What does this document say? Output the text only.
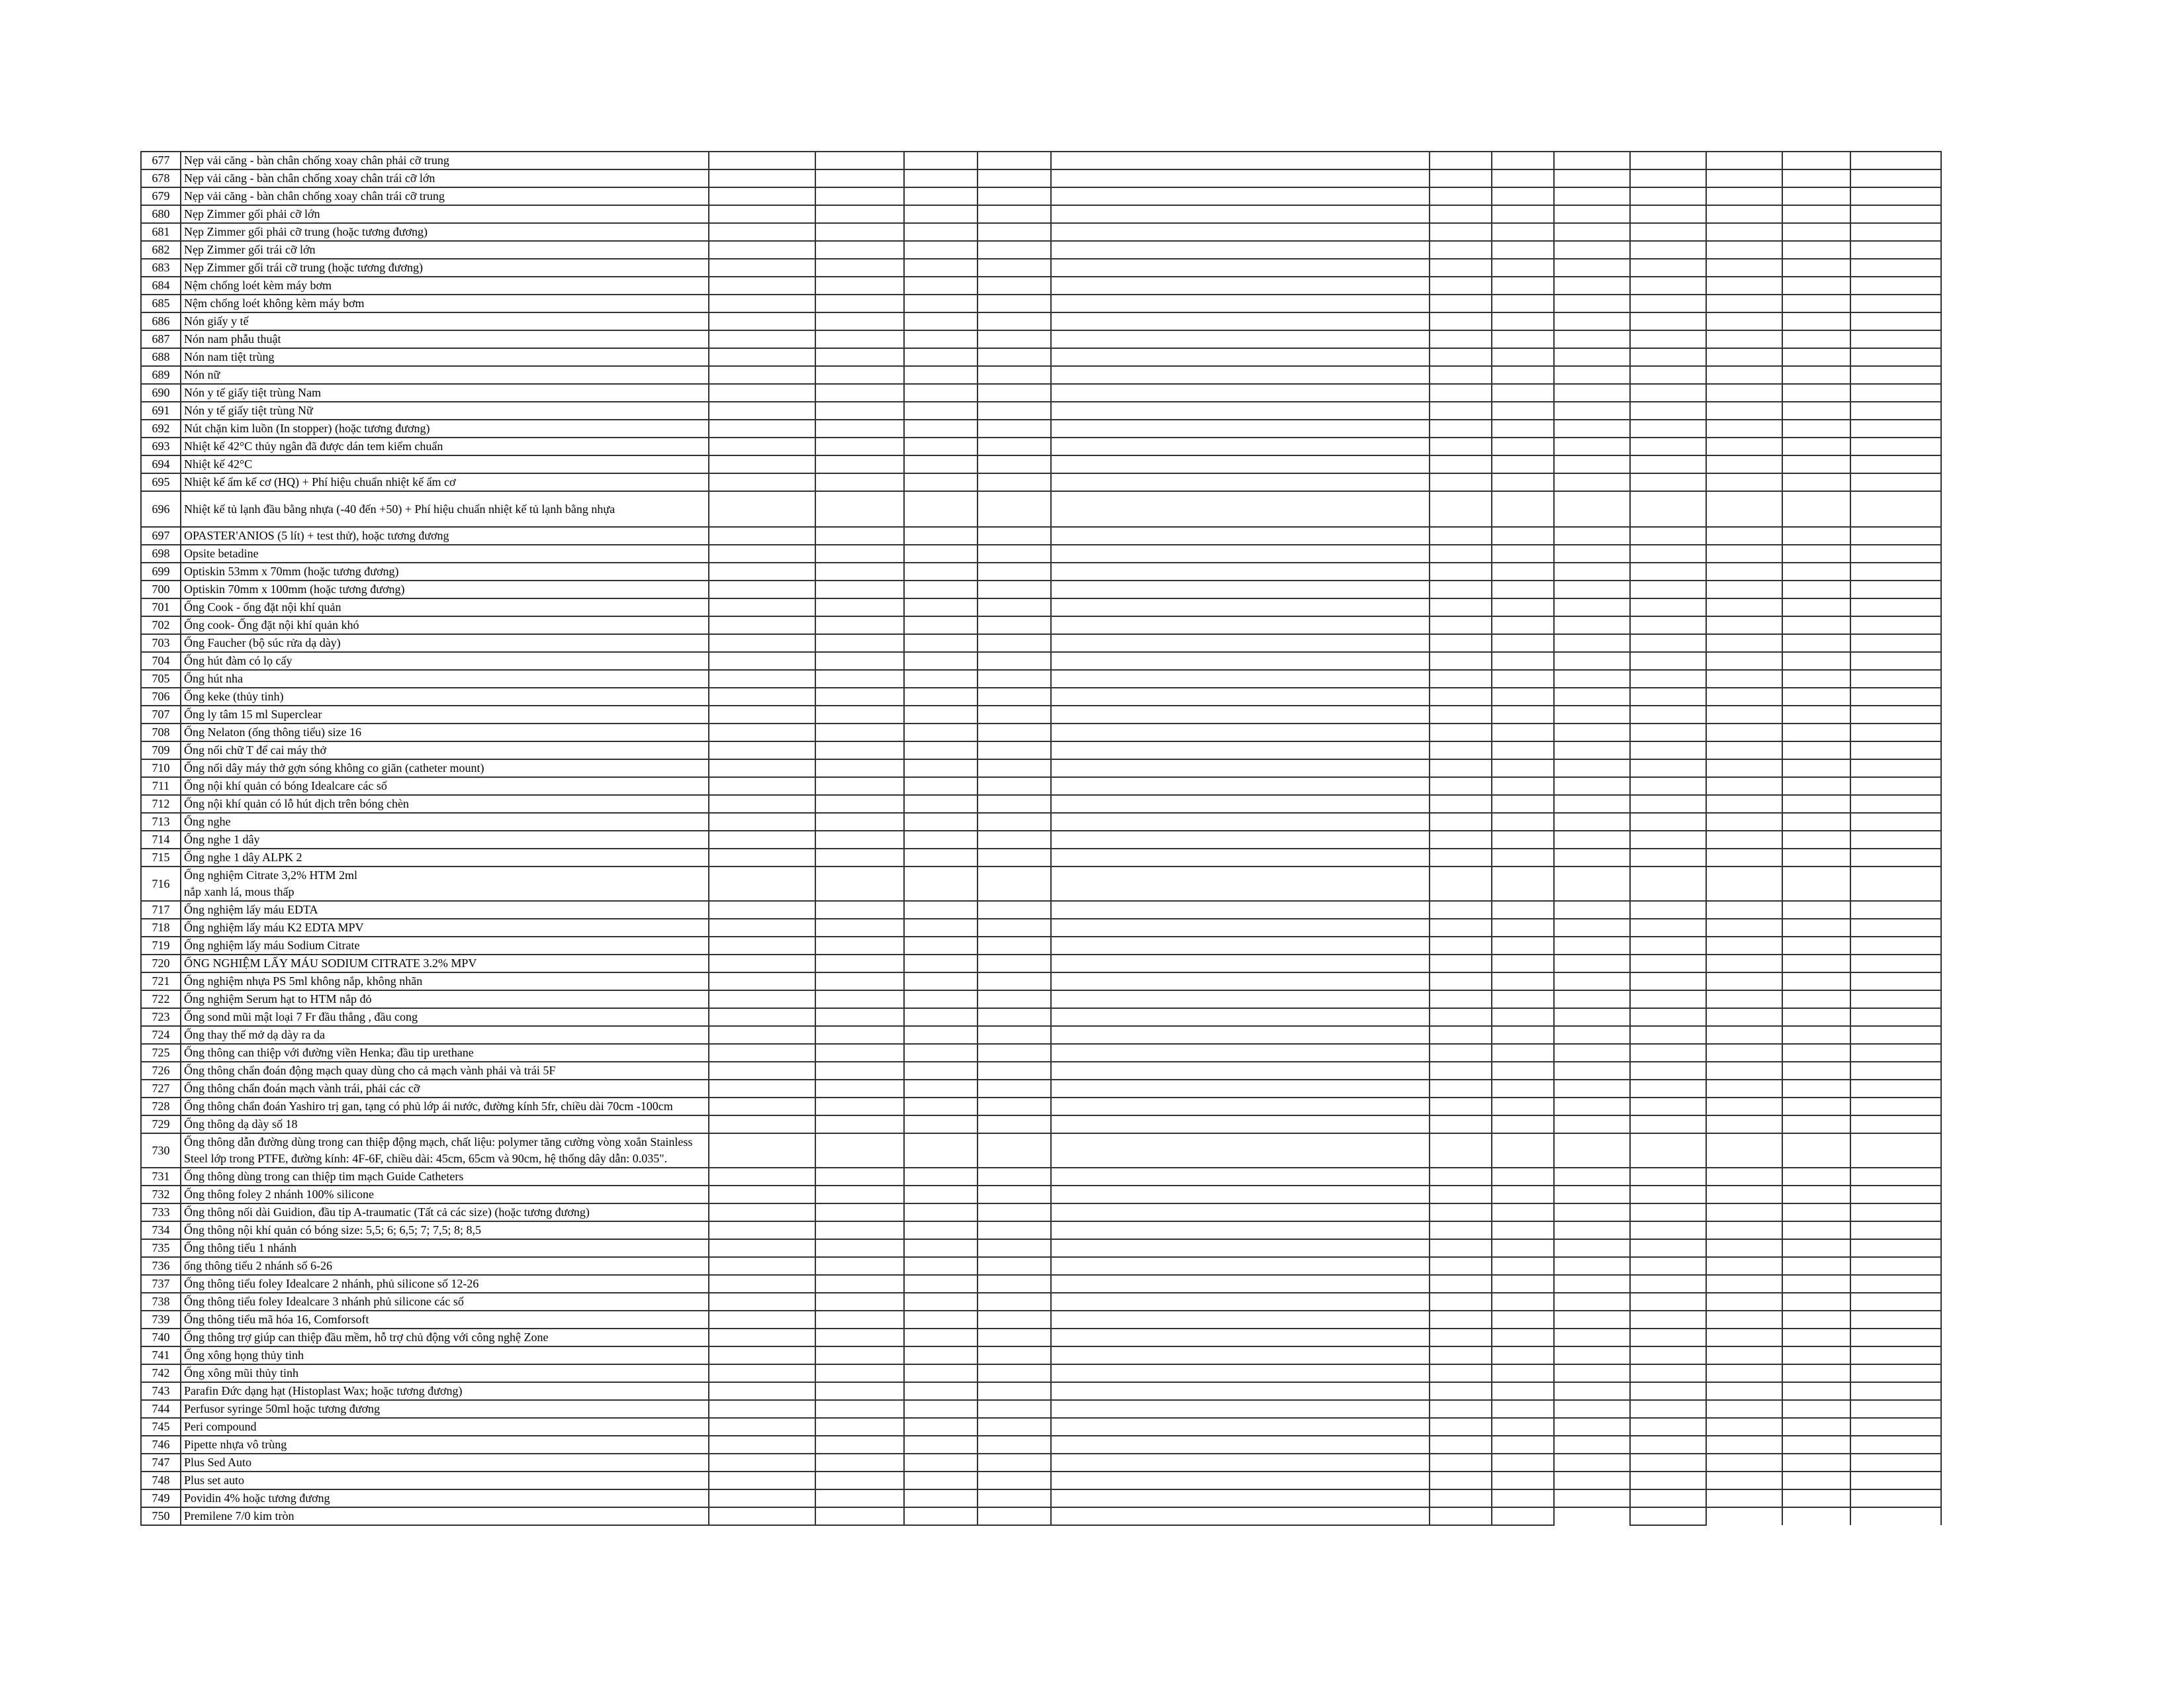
677	Nẹp vải căng - bàn chân chống xoay chân phải cỡ trung												
678	Nẹp vải căng - bàn chân chống xoay chân trái cỡ lớn												
679	Nẹp vải căng - bàn chân chống xoay chân trái cỡ trung												
680	Nẹp Zimmer gối phải cỡ lớn												
681	Nẹp Zimmer gối phải cỡ trung (hoặc tương đương)												
682	Nẹp Zimmer gối trái cỡ lớn												
683	Nẹp Zimmer gối trái cỡ trung (hoặc tương đương)												
684	Nệm chống loét kèm máy bơm												
685	Nệm chống loét không kèm máy bơm												
686	Nón giấy y tế												
687	Nón nam phẫu thuật												
688	Nón nam tiệt trùng												
689	Nón nữ												
690	Nón y tế giấy tiệt trùng Nam												
691	Nón y tế giấy tiệt trùng Nữ												
692	Nút chặn kim luồn (In stopper) (hoặc tương đương)												
693	Nhiệt kế 42°C thủy ngân đã được dán tem kiểm chuẩn												
694	Nhiệt kế 42°C												
695	Nhiệt kế ẩm kế cơ (HQ) + Phí hiệu chuẩn nhiệt kế ẩm cơ												
696	Nhiệt kế tủ lạnh đầu bằng nhựa (-40 đến +50) + Phí hiệu chuẩn nhiệt kế tủ lạnh bằng nhựa												
697	OPASTER'ANIOS (5 lít) + test thử), hoặc tương đương												
698	Opsite betadine												
699	Optiskin 53mm x 70mm (hoặc tương đương)												
700	Optiskin 70mm x 100mm (hoặc tương đương)												
701	Ống Cook - ống đặt nội khí quản												
702	Ống cook- Ống đặt nội khí quản khó												
703	Ống Faucher (bộ súc rửa dạ dày)												
704	Ống hút đàm có lọ cấy												
705	Ống hút nha												
706	Ống keke (thủy tinh)												
707	Ống ly tâm 15 ml Superclear												
708	Ống Nelaton (ống thông tiểu) size 16												
709	Ống nối chữ T để cai máy thở												
710	Ống nối dây máy thở gợn sóng không co giãn (catheter mount)												
711	Ống nội khí quản có bóng Idealcare các số												
712	Ống nội khí quản có lỗ hút dịch trên bóng chèn												
713	Ống nghe												
714	Ống nghe 1 dây												
715	Ống nghe 1 dây ALPK 2												
716	Ống nghiệm Citrate 3,2% HTM 2ml
nắp xanh lá, mous thấp												
717	Ống nghiệm lấy máu EDTA												
718	Ống nghiệm lấy máu K2 EDTA MPV												
719	Ống nghiệm lấy máu Sodium Citrate												
720	ỐNG NGHIỆM LẤY MÁU SODIUM CITRATE 3.2% MPV												
721	Ống nghiệm nhựa PS 5ml không nắp, không nhãn												
722	Ống nghiệm Serum hạt to HTM nắp đỏ												
723	Ống sond mũi mật loại 7 Fr đầu thẳng , đầu cong												
724	Ống thay thế mở dạ dày ra da												
725	Ống thông can thiệp với đường viền Henka; đầu tip urethane												
726	Ống thông chẩn đoán động mạch quay dùng cho cả mạch vành phải và trái 5F												
727	Ống thông chẩn đoán mạch vành trái, phải các cỡ												
728	Ống thông chẩn đoán Yashiro trị gan, tạng có phủ lớp ái nước, đường kính 5fr, chiều dài 70cm -100cm												
729	Ống thông dạ dày số 18												
730	Ống thông dẫn đường dùng trong can thiệp động mạch, chất liệu: polymer tăng cường vòng xoắn Stainless Steel lớp trong PTFE, đường kính: 4F-6F, chiều dài: 45cm, 65cm và 90cm, hệ thống dây dẫn: 0.035".												
731	Ống thông dùng trong can thiệp tim mạch Guide Catheters												
732	Ống thông foley 2 nhánh 100% silicone												
733	Ống thông nối dài Guidion, đầu tip A-traumatic (Tất cả các size) (hoặc tương đương)												
734	Ống thông nội khí quản có bóng size: 5,5; 6; 6,5; 7; 7,5; 8; 8,5												
735	Ống thông tiểu 1 nhánh												
736	ống thông tiểu 2 nhánh số 6-26												
737	Ống thông tiểu foley Idealcare 2 nhánh, phủ silicone số 12-26												
738	Ống thông tiểu foley Idealcare 3 nhánh phủ silicone các số												
739	Ống thông tiểu mã hóa 16, Comforsoft												
740	Ống thông trợ giúp can thiệp đầu mềm, hỗ trợ chủ động với công nghệ Zone												
741	Ống xông họng thủy tinh												
742	Ống xông mũi thủy tinh												
743	Parafin Đức dạng hạt (Histoplast Wax; hoặc tương đương)												
744	Perfusor syringe 50ml hoặc tương đương												
745	Peri compound												
746	Pipette nhựa vô trùng												
747	Plus Sed Auto												
748	Plus set auto												
749	Povidin 4% hoặc tương đương												
750	Premilene 7/0 kim tròn												
